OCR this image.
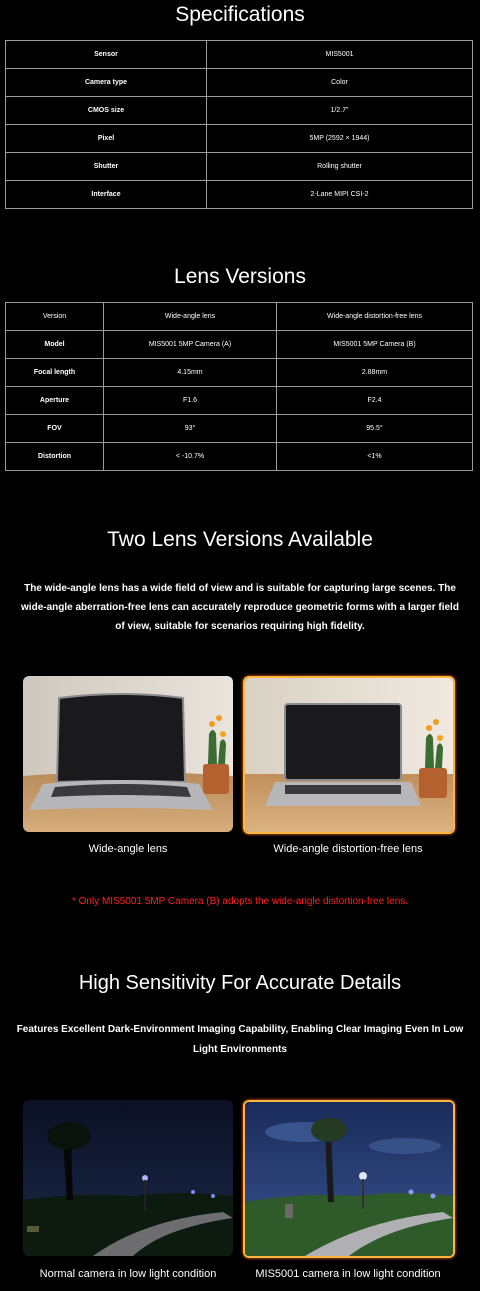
Specifications
Sensor	MIS5001
Camera type	Color
CMOS size	1/2.7"
Pixel	5MP (2592 × 1944)
Shutter	Rolling shutter
Interface	2-Lane MIPI CSI-2
Lens Versions
Version	Wide-angle lens	Wide-angle distortion-free lens
Model	MIS5001 5MP Camera (A)	MIS5001 5MP Camera (B)
Focal length	4.15mm	2.88mm
Aperture	F1.6	F2.4
FOV	93°	95.5°
Distortion	< -10.7%	<1%
Two Lens Versions Available
The wide-angle lens has a wide field of view and is suitable for capturing large scenes. The wide-angle aberration-free lens can accurately reproduce geometric forms with a larger field of view, suitable for scenarios requiring high fidelity.
Wide-angle lens	Wide-angle distortion-free lens
* Only MIS5001 5MP Camera (B) adopts the wide-angle distortion-free lens.
High Sensitivity For Accurate Details
Features Excellent Dark-Environment Imaging Capability, Enabling Clear Imaging Even In Low Light Environments
Normal camera in low light condition	MIS5001 camera in low light condition
